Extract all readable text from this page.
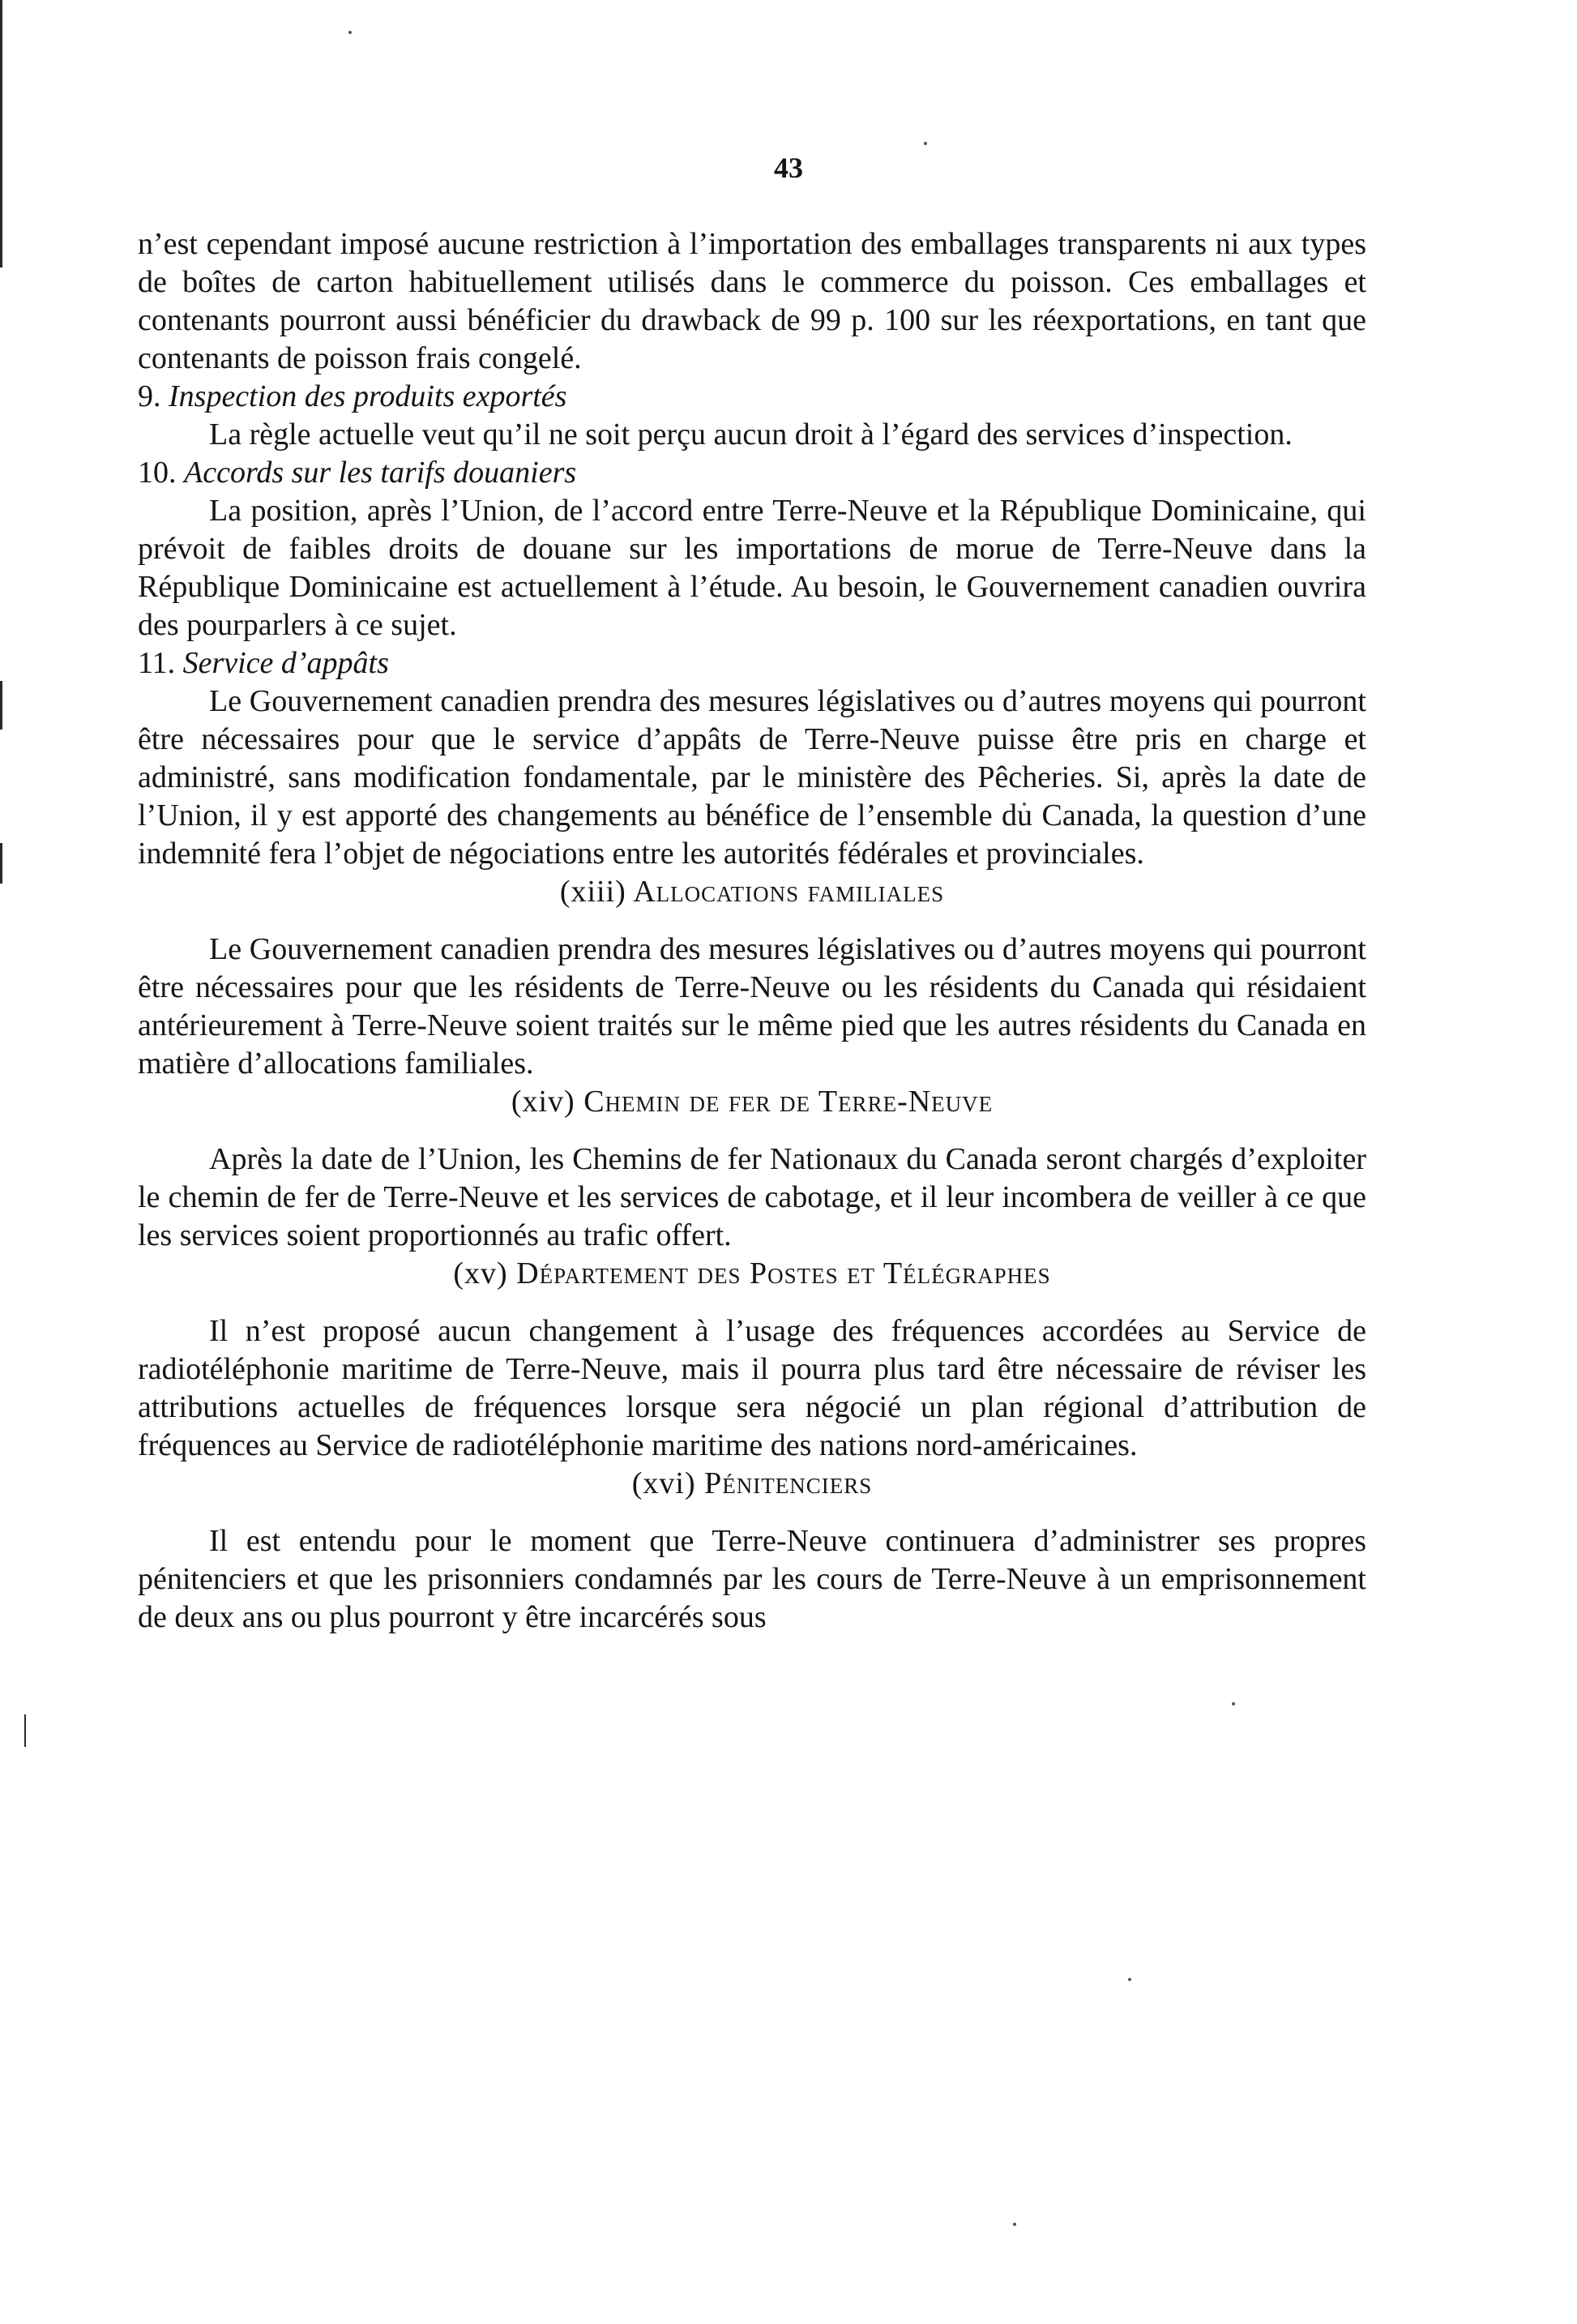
43

n’est cependant imposé aucune restriction à l’importation des emballages transparents ni aux types de boîtes de carton habituellement utilisés dans le commerce du poisson. Ces emballages et contenants pourront aussi bénéficier du drawback de 99 p. 100 sur les réexportations, en tant que contenants de poisson frais congelé.

9. Inspection des produits exportés

La règle actuelle veut qu’il ne soit perçu aucun droit à l’égard des services d’inspection.

10. Accords sur les tarifs douaniers

La position, après l’Union, de l’accord entre Terre-Neuve et la République Dominicaine, qui prévoit de faibles droits de douane sur les importations de morue de Terre-Neuve dans la République Dominicaine est actuellement à l’étude. Au besoin, le Gouvernement canadien ouvrira des pourparlers à ce sujet.

11. Service d’appâts

Le Gouvernement canadien prendra des mesures législatives ou d’autres moyens qui pourront être nécessaires pour que le service d’appâts de Terre-Neuve puisse être pris en charge et administré, sans modification fondamentale, par le ministère des Pêcheries. Si, après la date de l’Union, il y est apporté des changements au bénéfice de l’ensemble du Canada, la question d’une indemnité fera l’objet de négociations entre les autorités fédérales et provinciales.

(xiii) Allocations familiales

Le Gouvernement canadien prendra des mesures législatives ou d’autres moyens qui pourront être nécessaires pour que les résidents de Terre-Neuve ou les résidents du Canada qui résidaient antérieurement à Terre-Neuve soient traités sur le même pied que les autres résidents du Canada en matière d’allocations familiales.

(xiv) Chemin de fer de Terre-Neuve

Après la date de l’Union, les Chemins de fer Nationaux du Canada seront chargés d’exploiter le chemin de fer de Terre-Neuve et les services de cabotage, et il leur incombera de veiller à ce que les services soient proportionnés au trafic offert.

(xv) Département des Postes et Télégraphes

Il n’est proposé aucun changement à l’usage des fréquences accordées au Service de radiotéléphonie maritime de Terre-Neuve, mais il pourra plus tard être nécessaire de réviser les attributions actuelles de fréquences lorsque sera négocié un plan régional d’attribution de fréquences au Service de radiotéléphonie maritime des nations nord-américaines.

(xvi) Pénitenciers

Il est entendu pour le moment que Terre-Neuve continuera d’administrer ses propres pénitenciers et que les prisonniers condamnés par les cours de Terre-Neuve à un emprisonnement de deux ans ou plus pourront y être incarcérés sous
